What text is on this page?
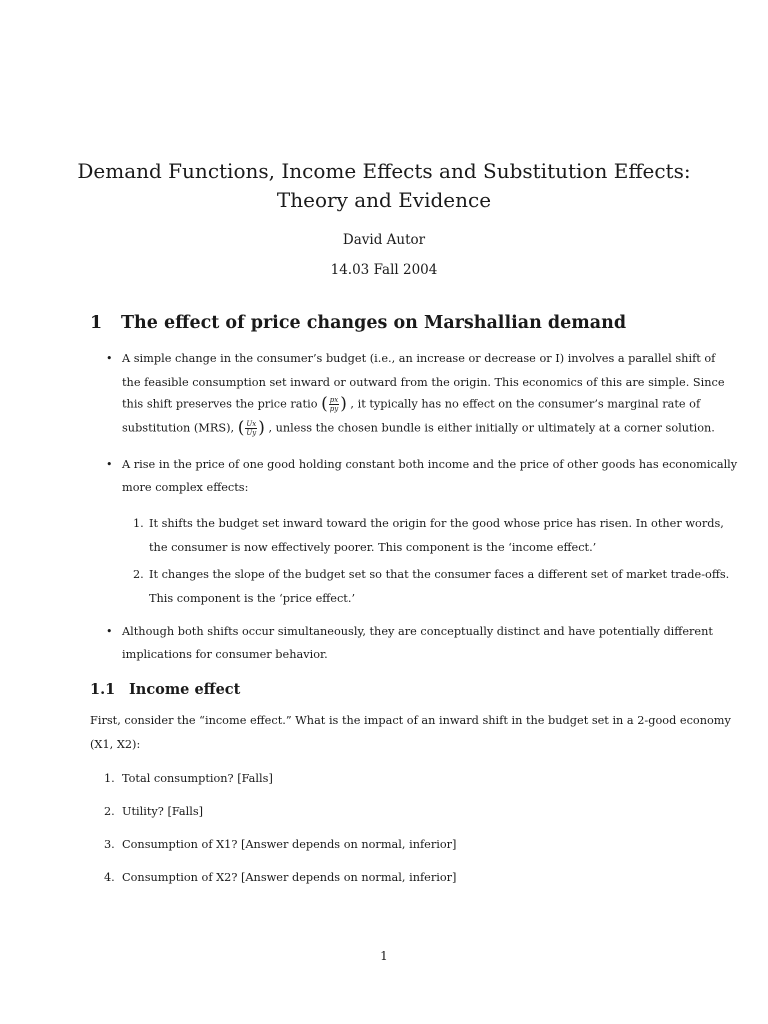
Demand Functions, Income Effects and Substitution Effects:
Theory and Evidence
David Autor
14.03 Fall 2004
1 The effect of price changes on Marshallian demand
• A simple change in the consumer’s budget (i.e., an increase or decrease or I) involves a parallel shift of
the feasible consumption set inward or outward from the origin. This economics of this are simple. Since
this shift preserves the price ratio ( $\frac{px}{py}$ ) , it typically has no effect on the consumer’s marginal rate of
substitution (MRS), ( $\frac{Ux}{Uy}$ ) , unless the chosen bundle is either initially or ultimately at a corner solution.
• A rise in the price of one good holding constant both income and the price of other goods has economically
more complex effects:
1. It shifts the budget set inward toward the origin for the good whose price has risen. In other words,
the consumer is now effectively poorer. This component is the ‘income effect.’
2. It changes the slope of the budget set so that the consumer faces a different set of market trade-offs.
This component is the ‘price effect.’
• Although both shifts occur simultaneously, they are conceptually distinct and have potentially different
implications for consumer behavior.
1.1 Income effect
First, consider the “income effect.” What is the impact of an inward shift in the budget set in a 2-good economy
(X1, X2):
1. Total consumption? [Falls]
2. Utility? [Falls]
3. Consumption of X1? [Answer depends on normal, inferior]
4. Consumption of X2? [Answer depends on normal, inferior]
1
